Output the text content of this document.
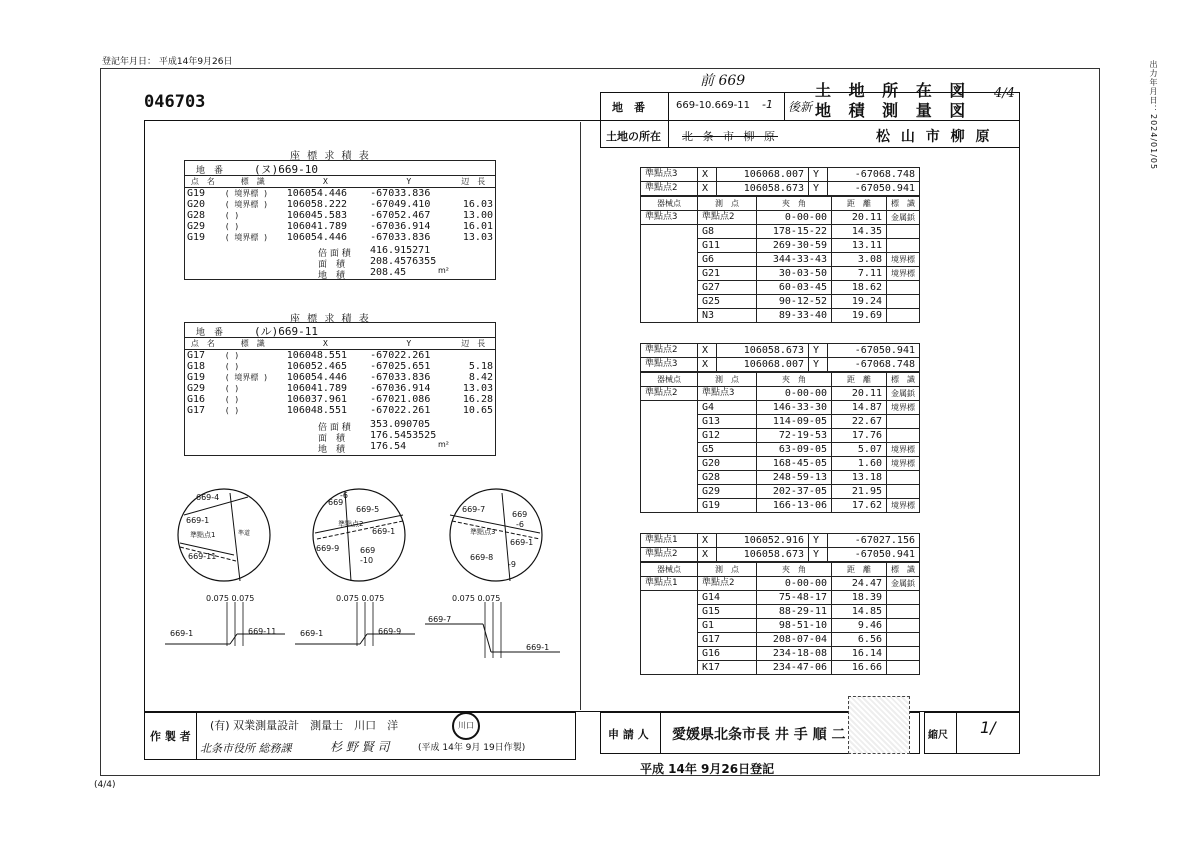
登記年月日： 平成14年9月26日	出力年月日：2024/01/05
(4/4)
046703
前 669	土 地 所 在 図
地 積 測 量 図
4/4
地　番	669-10.669-11 -1 後新
土地の所在 北 条 市 柳 原	松 山 市 柳 原
座 標 求 積 表
地　番	(ヌ)669-10
点　名	標　識	X	Y	辺　長
G19	( 境界標 )	106054.446	-67033.836	
G20	( 境界標 )	106058.222	-67049.410	16.03
G28	( )	106045.583	-67052.467	13.00
G29	( )	106041.789	-67036.914	16.01
G19	( 境界標 )	106054.446	-67033.836	13.03
倍 面 積 416.915271
面　積 208.4576355
地　積 208.45	m²
座 標 求 積 表
地　番	(ル)669-11
点　名	標　識	X	Y	辺　長
G17	( )	106048.551	-67022.261	
G18	( )	106052.465	-67025.651	5.18
G19	( 境界標 )	106054.446	-67033.836	8.42
G29	( )	106041.789	-67036.914	13.03
G16	( )	106037.961	-67021.086	16.28
G17	( )	106048.551	-67022.261	10.65
倍 面 積 353.090705
面　積 176.5453525
地　積 176.54	m²
669-4
669-1
準點点1
669-11
準道
669
-6
669-5
準點点2
669-1
669-9	669
-10
669-7
669
-6
準點点3
669-1
669-8
-9
0.075 0.075
669-1	669-11
0.075 0.075
669-1	669-9
0.075 0.075
669-7
669-1
準點点3	X	106068.007	Y	-67068.748
準點点2	X	106058.673	Y	-67050.941
器械点	測　点	夾　角	距　離	標　識
準點点3	準點点2	0-00-00	20.11	金属鋲
	G8	178-15-22	14.35	
	G11	269-30-59	13.11	
	G6	344-33-43	3.08	境界標
	G21	30-03-50	7.11	境界標
	G27	60-03-45	18.62	
	G25	90-12-52	19.24	
	N3	89-33-40	19.69	
準點点2	X	106058.673	Y	-67050.941
準點点3	X	106068.007	Y	-67068.748
器械点	測　点	夾　角	距　離	標　識
準點点2	準點点3	0-00-00	20.11	金属鋲
	G4	146-33-30	14.87	境界標
	G13	114-09-05	22.67	
	G12	72-19-53	17.76	
	G5	63-09-05	5.07	境界標
	G20	168-45-05	1.60	境界標
	G28	248-59-13	13.18	
	G29	202-37-05	21.95	
	G19	166-13-06	17.62	境界標
準點点1	X	106052.916	Y	-67027.156
準點点2	X	106058.673	Y	-67050.941
器械点	測　点	夾　角	距　離	標　識
準點点1	準點点2	0-00-00	24.47	金属鋲
	G14	75-48-17	18.39	
	G15	88-29-11	14.85	
	G1	98-51-10	9.46	
	G17	208-07-04	6.56	
	G16	234-18-08	16.14	
	K17	234-47-06	16.66	
作 製 者
(有) 双業測量設計　測量士　川口　洋	川口
北条市役所 総務課	杉 野 賢 司	(平成 14年 9月 19日作製)
申 請 人 愛媛県北条市長 井 手 順 二	縮尺 1/
平成 14年 9月26日登記
